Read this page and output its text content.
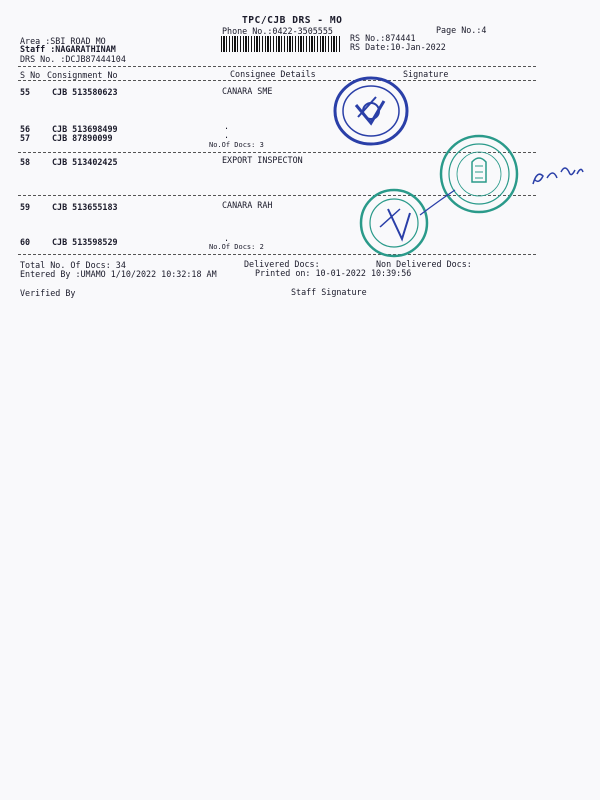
TPC/CJB DRS - MO
Phone No.:0422-3505555	Page No.:4
Area :SBI ROAD MO
Staff :NAGARATHINAM
DRS No. :DCJB87444104
RS No.:874441
RS Date:10-Jan-2022
S No Consignment No	Consignee Details	Signature
55	CJB 513580623	CANARA SME
56	CJB 513698499	.
57	CJB 87890099	.
No.Of Docs: 3
58	CJB 513402425	EXPORT INSPECTON
59	CJB 513655183	CANARA RAH
60	CJB 513598529	.
No.Of Docs: 2
Total No. Of Docs: 34	Delivered Docs:	Non Delivered Docs:
Entered By :UMAMO 1/10/2022 10:32:18 AM	Printed on: 10-01-2022 10:39:56
Verified By	Staff Signature
